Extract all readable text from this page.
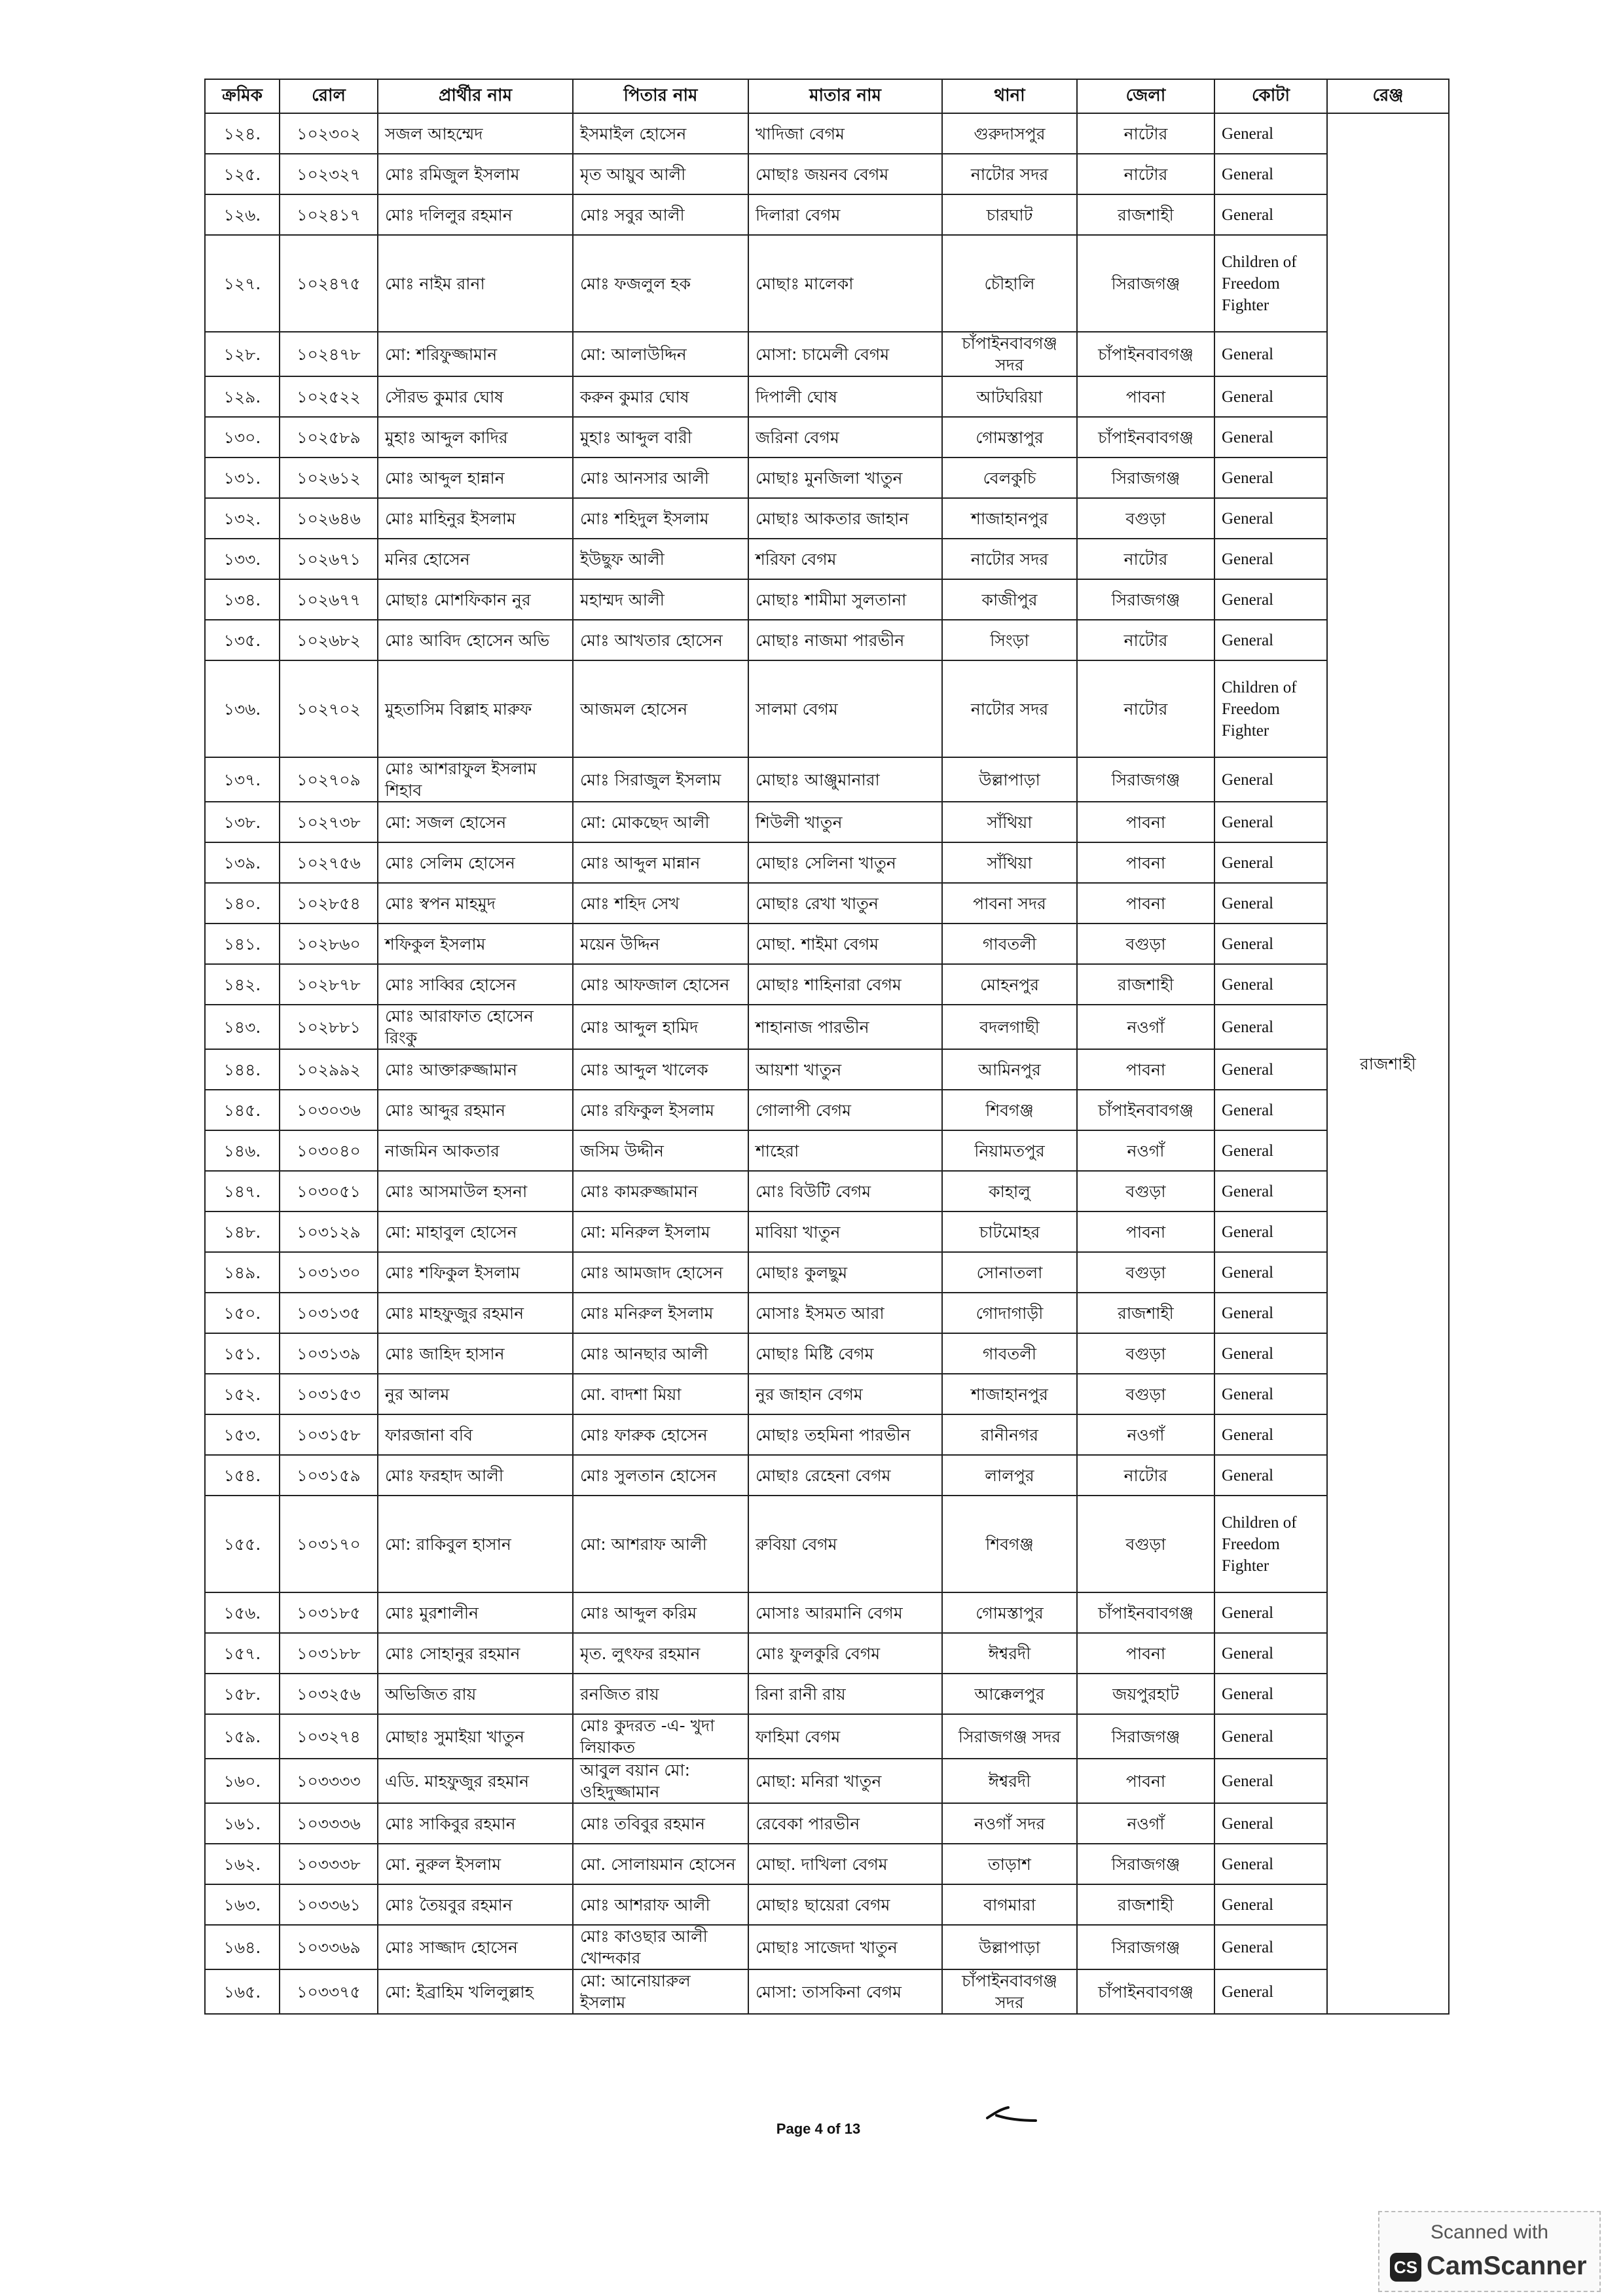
ক্রমিক	রোল	প্রার্থীর নাম	পিতার নাম	মাতার নাম	থানা	জেলা	কোটা	রেঞ্জ
১২৪.	১০২৩০২	সজল আহম্মেদ	ইসমাইল হোসেন	খাদিজা বেগম	গুরুদাসপুর	নাটোর	General	রাজশাহী
১২৫.	১০২৩২৭	মোঃ রমিজুল ইসলাম	মৃত আয়ুব আলী	মোছাঃ জয়নব বেগম	নাটোর সদর	নাটোর	General	
১২৬.	১০২৪১৭	মোঃ দলিলুর রহমান	মোঃ সবুর আলী	দিলারা বেগম	চারঘাট	রাজশাহী	General	
১২৭.	১০২৪৭৫	মোঃ নাইম রানা	মোঃ ফজলুল হক	মোছাঃ মালেকা	চৌহালি	সিরাজগঞ্জ	Children of Freedom Fighter	
১২৮.	১০২৪৭৮	মো: শরিফুজ্জামান	মো: আলাউদ্দিন	মোসা: চামেলী বেগম	চাঁপাইনবাবগঞ্জ সদর	চাঁপাইনবাবগঞ্জ	General	
১২৯.	১০২৫২২	সৌরভ কুমার ঘোষ	করুন কুমার ঘোষ	দিপালী ঘোষ	আটঘরিয়া	পাবনা	General	
১৩০.	১০২৫৮৯	মুহাঃ আব্দুল কাদির	মুহাঃ আব্দুল বারী	জরিনা বেগম	গোমস্তাপুর	চাঁপাইনবাবগঞ্জ	General	
১৩১.	১০২৬১২	মোঃ আব্দুল হান্নান	মোঃ আনসার আলী	মোছাঃ মুনজিলা খাতুন	বেলকুচি	সিরাজগঞ্জ	General	
১৩২.	১০২৬৪৬	মোঃ মাহিনুর ইসলাম	মোঃ শহিদুল ইসলাম	মোছাঃ আকতার জাহান	শাজাহানপুর	বগুড়া	General	
১৩৩.	১০২৬৭১	মনির হোসেন	ইউছুফ আলী	শরিফা বেগম	নাটোর সদর	নাটোর	General	
১৩৪.	১০২৬৭৭	মোছাঃ মোশফিকান নুর	মহাম্মদ আলী	মোছাঃ শামীমা সুলতানা	কাজীপুর	সিরাজগঞ্জ	General	
১৩৫.	১০২৬৮২	মোঃ আবিদ হোসেন অভি	মোঃ আখতার হোসেন	মোছাঃ নাজমা পারভীন	সিংড়া	নাটোর	General	
১৩৬.	১০২৭০২	মুহতাসিম বিল্লাহ মারুফ	আজমল হোসেন	সালমা বেগম	নাটোর সদর	নাটোর	Children of Freedom Fighter	
১৩৭.	১০২৭০৯	মোঃ আশরাফুল ইসলাম শিহাব	মোঃ সিরাজুল ইসলাম	মোছাঃ আঞ্জুমানারা	উল্লাপাড়া	সিরাজগঞ্জ	General	
১৩৮.	১০২৭৩৮	মো: সজল হোসেন	মো: মোকছেদ আলী	শিউলী খাতুন	সাঁথিয়া	পাবনা	General	
১৩৯.	১০২৭৫৬	মোঃ সেলিম হোসেন	মোঃ আব্দুল মান্নান	মোছাঃ সেলিনা খাতুন	সাঁথিয়া	পাবনা	General	
১৪০.	১০২৮৫৪	মোঃ স্বপন মাহমুদ	মোঃ শহিদ সেখ	মোছাঃ রেখা খাতুন	পাবনা সদর	পাবনা	General	
১৪১.	১০২৮৬০	শফিকুল ইসলাম	ময়েন উদ্দিন	মোছা. শাইমা বেগম	গাবতলী	বগুড়া	General	
১৪২.	১০২৮৭৮	মোঃ সাব্বির হোসেন	মোঃ আফজাল হোসেন	মোছাঃ শাহিনারা বেগম	মোহনপুর	রাজশাহী	General	
১৪৩.	১০২৮৮১	মোঃ আরাফাত হোসেন রিংকু	মোঃ আব্দুল হামিদ	শাহানাজ পারভীন	বদলগাছী	নওগাঁ	General	
১৪৪.	১০২৯৯২	মোঃ আক্তারুজ্জামান	মোঃ আব্দুল খালেক	আয়শা খাতুন	আমিনপুর	পাবনা	General	
১৪৫.	১০৩০৩৬	মোঃ আব্দুর রহমান	মোঃ রফিকুল ইসলাম	গোলাপী বেগম	শিবগঞ্জ	চাঁপাইনবাবগঞ্জ	General	
১৪৬.	১০৩০৪০	নাজমিন আকতার	জসিম উদ্দীন	শাহেরা	নিয়ামতপুর	নওগাঁ	General	
১৪৭.	১০৩০৫১	মোঃ আসমাউল হসনা	মোঃ কামরুজ্জামান	মোঃ বিউটি বেগম	কাহালু	বগুড়া	General	
১৪৮.	১০৩১২৯	মো: মাহাবুল হোসেন	মো: মনিরুল ইসলাম	মাবিয়া খাতুন	চাটমোহর	পাবনা	General	
১৪৯.	১০৩১৩০	মোঃ শফিকুল ইসলাম	মোঃ আমজাদ হোসেন	মোছাঃ কুলছুম	সোনাতলা	বগুড়া	General	
১৫০.	১০৩১৩৫	মোঃ মাহফুজুর রহমান	মোঃ মনিরুল ইসলাম	মোসাঃ ইসমত আরা	গোদাগাড়ী	রাজশাহী	General	
১৫১.	১০৩১৩৯	মোঃ জাহিদ হাসান	মোঃ আনছার আলী	মোছাঃ মিষ্টি বেগম	গাবতলী	বগুড়া	General	
১৫২.	১০৩১৫৩	নুর আলম	মো. বাদশা মিয়া	নুর জাহান বেগম	শাজাহানপুর	বগুড়া	General	
১৫৩.	১০৩১৫৮	ফারজানা ববি	মোঃ ফারুক হোসেন	মোছাঃ তহমিনা পারভীন	রানীনগর	নওগাঁ	General	
১৫৪.	১০৩১৫৯	মোঃ ফরহাদ আলী	মোঃ সুলতান হোসেন	মোছাঃ রেহেনা বেগম	লালপুর	নাটোর	General	
১৫৫.	১০৩১৭০	মো: রাকিবুল হাসান	মো: আশরাফ আলী	রুবিয়া বেগম	শিবগঞ্জ	বগুড়া	Children of Freedom Fighter	
১৫৬.	১০৩১৮৫	মোঃ মুরশালীন	মোঃ আব্দুল করিম	মোসাঃ আরমানি বেগম	গোমস্তাপুর	চাঁপাইনবাবগঞ্জ	General	
১৫৭.	১০৩১৮৮	মোঃ সোহানুর রহমান	মৃত. লুৎফর রহমান	মোঃ ফুলকুরি বেগম	ঈশ্বরদী	পাবনা	General	
১৫৮.	১০৩২৫৬	অভিজিত রায়	রনজিত রায়	রিনা রানী রায়	আক্কেলপুর	জয়পুরহাট	General	
১৫৯.	১০৩২৭৪	মোছাঃ সুমাইয়া খাতুন	মোঃ কুদরত -এ- খুদা লিয়াকত	ফাহিমা বেগম	সিরাজগঞ্জ সদর	সিরাজগঞ্জ	General	
১৬০.	১০৩৩৩৩	এডি. মাহফুজুর রহমান	আবুল বয়ান মো: ওহিদুজ্জামান	মোছা: মনিরা খাতুন	ঈশ্বরদী	পাবনা	General	
১৬১.	১০৩৩৩৬	মোঃ সাকিবুর রহমান	মোঃ তবিবুর রহমান	রেবেকা পারভীন	নওগাঁ সদর	নওগাঁ	General	
১৬২.	১০৩৩৩৮	মো. নুরুল ইসলাম	মো. সোলায়মান হোসেন	মোছা. দাখিলা বেগম	তাড়াশ	সিরাজগঞ্জ	General	
১৬৩.	১০৩৩৬১	মোঃ তৈয়বুর রহমান	মোঃ আশরাফ আলী	মোছাঃ ছায়েরা বেগম	বাগমারা	রাজশাহী	General	
১৬৪.	১০৩৩৬৯	মোঃ সাজ্জাদ হোসেন	মোঃ কাওছার আলী খোন্দকার	মোছাঃ সাজেদা খাতুন	উল্লাপাড়া	সিরাজগঞ্জ	General	
১৬৫.	১০৩৩৭৫	মো: ইব্রাহিম খলিলুল্লাহ	মো: আনোয়ারুল ইসলাম	মোসা: তাসকিনা বেগম	চাঁপাইনবাবগঞ্জ সদর	চাঁপাইনবাবগঞ্জ	General	
Page 4 of 13
Scanned with
CS CamScanner
